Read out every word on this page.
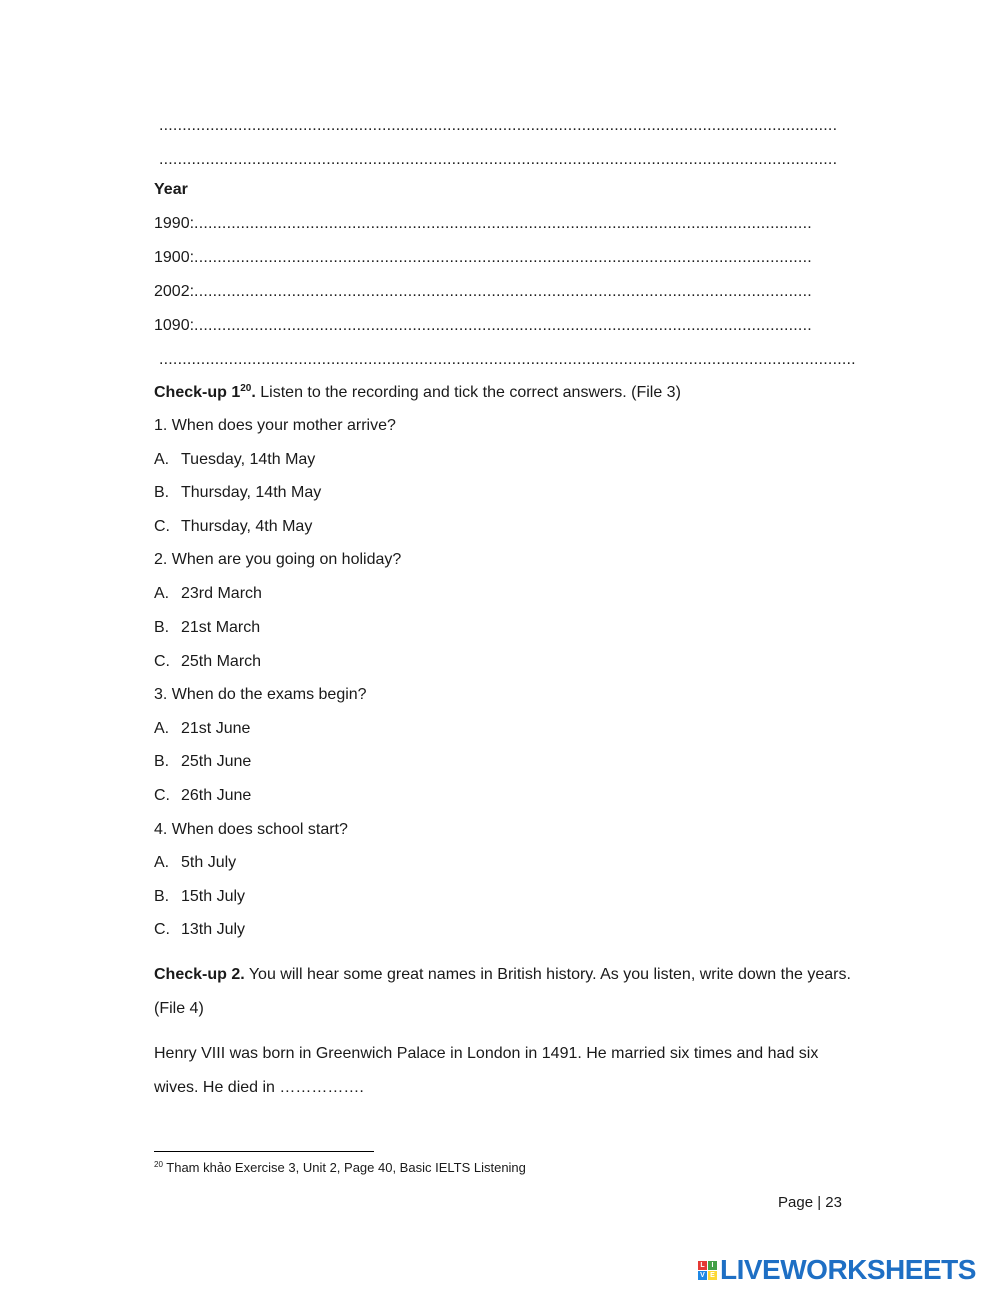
..................................................................................................................................................
..................................................................................................................................................
Year
1990:.....................................................................................................................................
1900:.....................................................................................................................................
2002:.....................................................................................................................................
1090:.....................................................................................................................................
......................................................................................................................................................
Check-up $1^{20}$. Listen to the recording and tick the correct answers. (File 3)
1. When does your mother arrive?
A. Tuesday, 14th May
B. Thursday, 14th May
C. Thursday, 4th May
2. When are you going on holiday?
A. 23rd March
B. 21st March
C. 25th March
3. When do the exams begin?
A. 21st June
B. 25th June
C. 26th June
4. When does school start?
A. 5th July
B. 15th July
C. 13th July
Check-up 2. You will hear some great names in British history. As you listen, write down the years. (File 4)
Henry VIII was born in Greenwich Palace in London in 1491. He married six times and had six wives. He died in …………….
$^{20}$ Tham khảo Exercise 3, Unit 2, Page 40, Basic IELTS Listening
Page | 23
L I
V E LIVEWORKSHEETS
